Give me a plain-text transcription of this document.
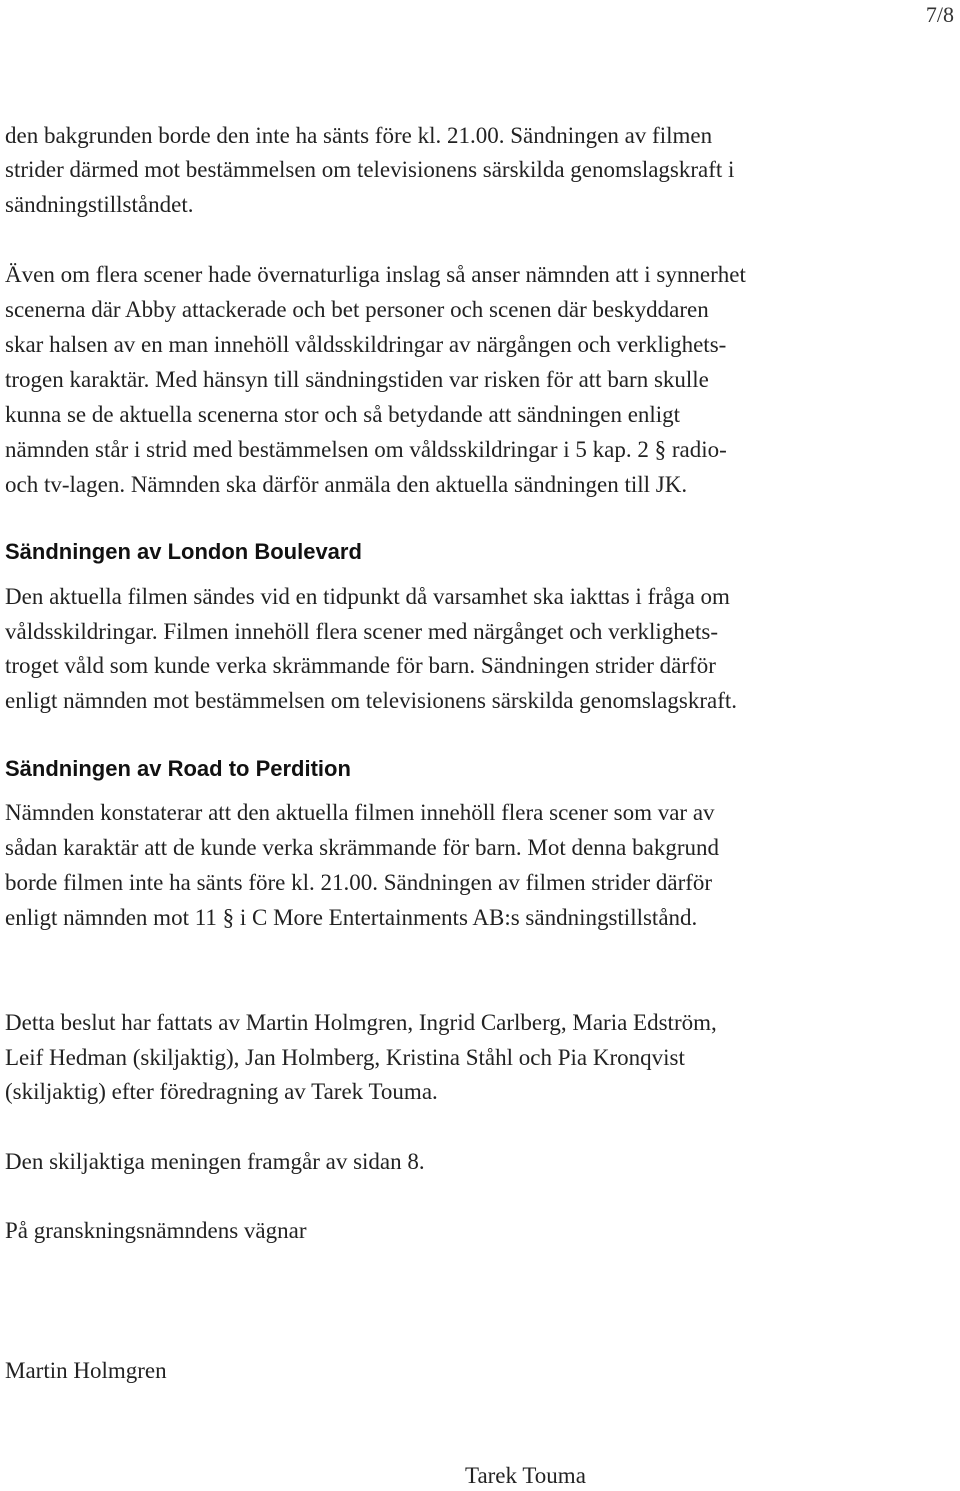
7/8
den bakgrunden borde den inte ha sänts före kl. 21.00. Sändningen av filmen
strider därmed mot bestämmelsen om televisionens särskilda genomslagskraft i
sändningstillståndet.
Även om flera scener hade övernaturliga inslag så anser nämnden att i synnerhet
scenerna där Abby attackerade och bet personer och scenen där beskyddaren
skar halsen av en man innehöll våldsskildringar av närgången och verklighets-
trogen karaktär. Med hänsyn till sändningstiden var risken för att barn skulle
kunna se de aktuella scenerna stor och så betydande att sändningen enligt
nämnden står i strid med bestämmelsen om våldsskildringar i 5 kap. 2 § radio-
och tv-lagen. Nämnden ska därför anmäla den aktuella sändningen till JK.
Sändningen av London Boulevard
Den aktuella filmen sändes vid en tidpunkt då varsamhet ska iakttas i fråga om
våldsskildringar. Filmen innehöll flera scener med närgånget och verklighets-
troget våld som kunde verka skrämmande för barn. Sändningen strider därför
enligt nämnden mot bestämmelsen om televisionens särskilda genomslagskraft.
Sändningen av Road to Perdition
Nämnden konstaterar att den aktuella filmen innehöll flera scener som var av
sådan karaktär att de kunde verka skrämmande för barn. Mot denna bakgrund
borde filmen inte ha sänts före kl. 21.00. Sändningen av filmen strider därför
enligt nämnden mot 11 § i C More Entertainments AB:s sändningstillstånd.
Detta beslut har fattats av Martin Holmgren, Ingrid Carlberg, Maria Edström,
Leif Hedman (skiljaktig), Jan Holmberg, Kristina Ståhl och Pia Kronqvist
(skiljaktig) efter föredragning av Tarek Touma.
Den skiljaktiga meningen framgår av sidan 8.
På granskningsnämndens vägnar
Martin Holmgren
Tarek Touma
